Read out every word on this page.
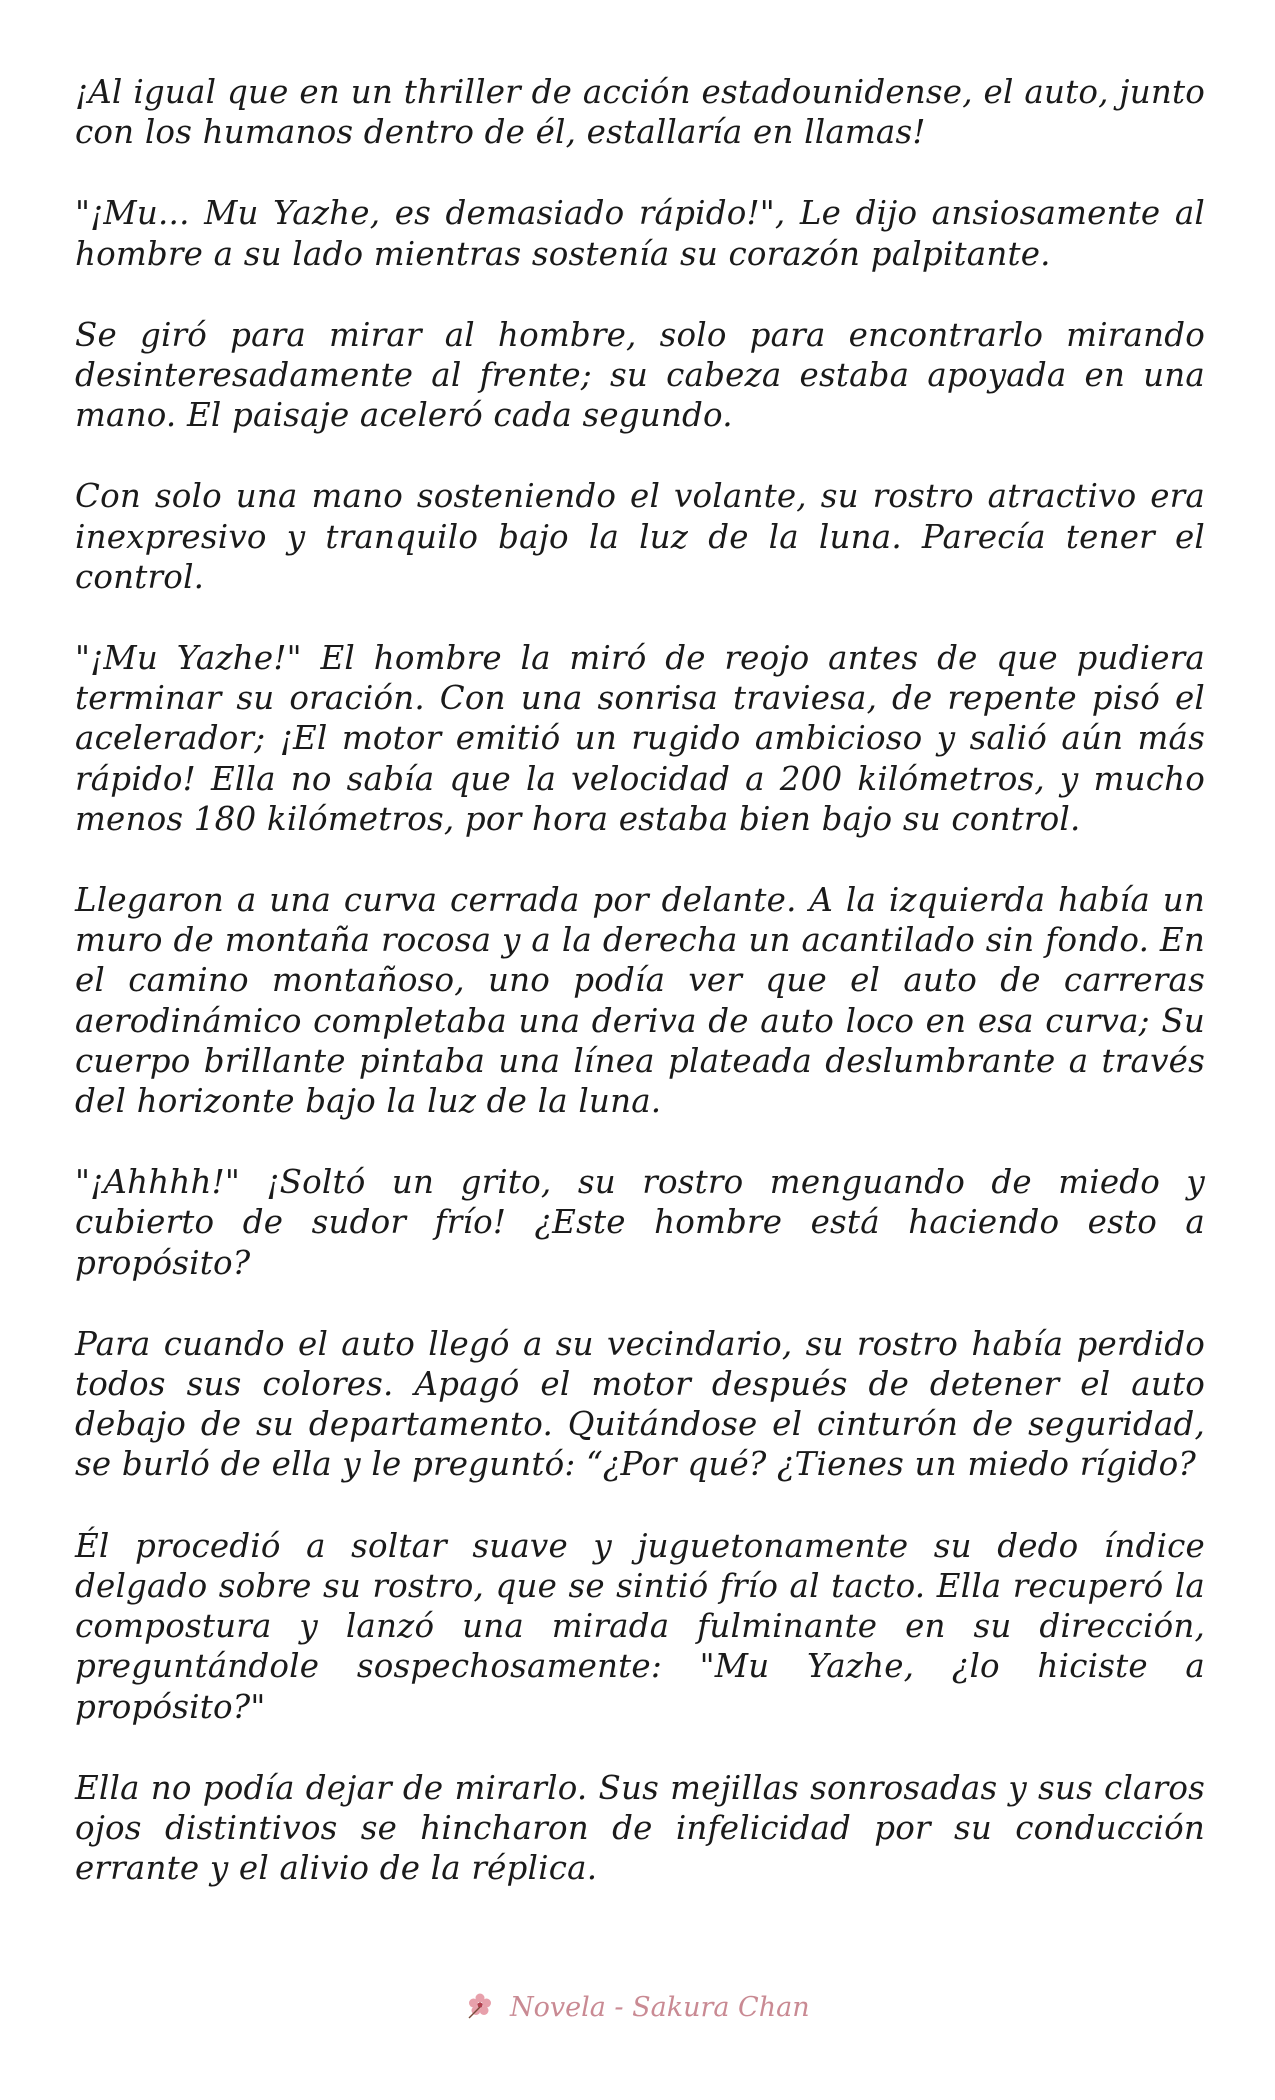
¡Al igual que en un thriller de acción estadounidense, el auto, junto con los humanos dentro de él, estallaría en llamas!

"¡Mu... Mu Yazhe, es demasiado rápido!", Le dijo ansiosamente al hombre a su lado mientras sostenía su corazón palpitante.

Se giró para mirar al hombre, solo para encontrarlo mirando desinteresadamente al frente; su cabeza estaba apoyada en una mano. El paisaje aceleró cada segundo.

Con solo una mano sosteniendo el volante, su rostro atractivo era inexpresivo y tranquilo bajo la luz de la luna. Parecía tener el control.

"¡Mu Yazhe!" El hombre la miró de reojo antes de que pudiera terminar su oración. Con una sonrisa traviesa, de repente pisó el acelerador; ¡El motor emitió un rugido ambicioso y salió aún más rápido! Ella no sabía que la velocidad a 200 kilómetros, y mucho menos 180 kilómetros, por hora estaba bien bajo su control.

Llegaron a una curva cerrada por delante. A la izquierda había un muro de montaña rocosa y a la derecha un acantilado sin fondo. En el camino montañoso, uno podía ver que el auto de carreras aerodinámico completaba una deriva de auto loco en esa curva; Su cuerpo brillante pintaba una línea plateada deslumbrante a través del horizonte bajo la luz de la luna.

"¡Ahhhh!" ¡Soltó un grito, su rostro menguando de miedo y cubierto de sudor frío! ¿Este hombre está haciendo esto a propósito?

Para cuando el auto llegó a su vecindario, su rostro había perdido todos sus colores. Apagó el motor después de detener el auto debajo de su departamento. Quitándose el cinturón de seguridad, se burló de ella y le preguntó: “¿Por qué? ¿Tienes un miedo rígido?

Él procedió a soltar suave y juguetonamente su dedo índice delgado sobre su rostro, que se sintió frío al tacto. Ella recuperó la compostura y lanzó una mirada fulminante en su dirección, preguntándole sospechosamente: "Mu Yazhe, ¿lo hiciste a propósito?"

Ella no podía dejar de mirarlo. Sus mejillas sonrosadas y sus claros ojos distintivos se hincharon de infelicidad por su conducción errante y el alivio de la réplica.

Novela - Sakura Chan
